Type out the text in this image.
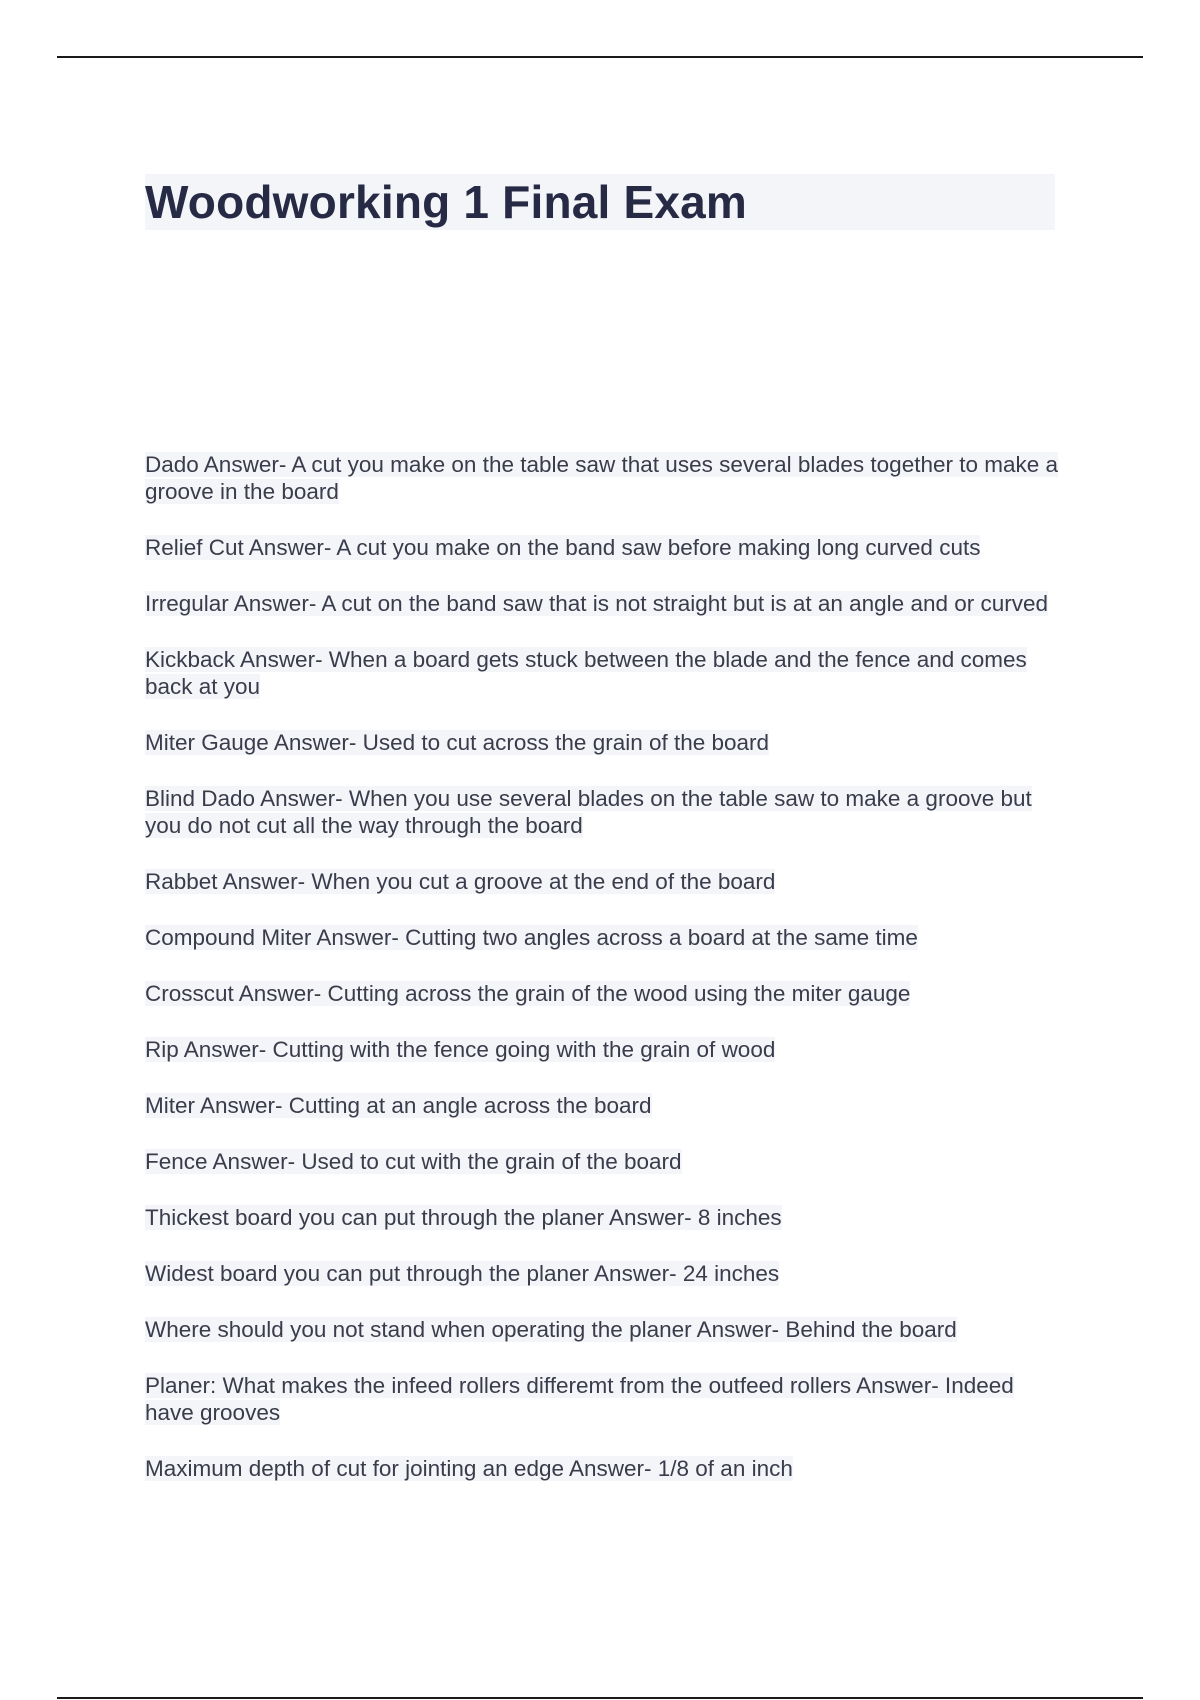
Woodworking 1 Final Exam
Dado Answer- A cut you make on the table saw that uses several blades together to make a groove in the board
Relief Cut Answer- A cut you make on the band saw before making long curved cuts
Irregular Answer- A cut on the band saw that is not straight but is at an angle and or curved
Kickback Answer- When a board gets stuck between the blade and the fence and comes back at you
Miter Gauge Answer- Used to cut across the grain of the board
Blind Dado Answer- When you use several blades on the table saw to make a groove but you do not cut all the way through the board
Rabbet Answer- When you cut a groove at the end of the board
Compound Miter Answer- Cutting two angles across a board at the same time
Crosscut Answer- Cutting across the grain of the wood using the miter gauge
Rip Answer- Cutting with the fence going with the grain of wood
Miter Answer- Cutting at an angle across the board
Fence Answer- Used to cut with the grain of the board
Thickest board you can put through the planer Answer- 8 inches
Widest board you can put through the planer Answer- 24 inches
Where should you not stand when operating the planer Answer- Behind the board
Planer: What makes the infeed rollers differemt from the outfeed rollers Answer- Indeed have grooves
Maximum depth of cut for jointing an edge Answer- 1/8 of an inch
